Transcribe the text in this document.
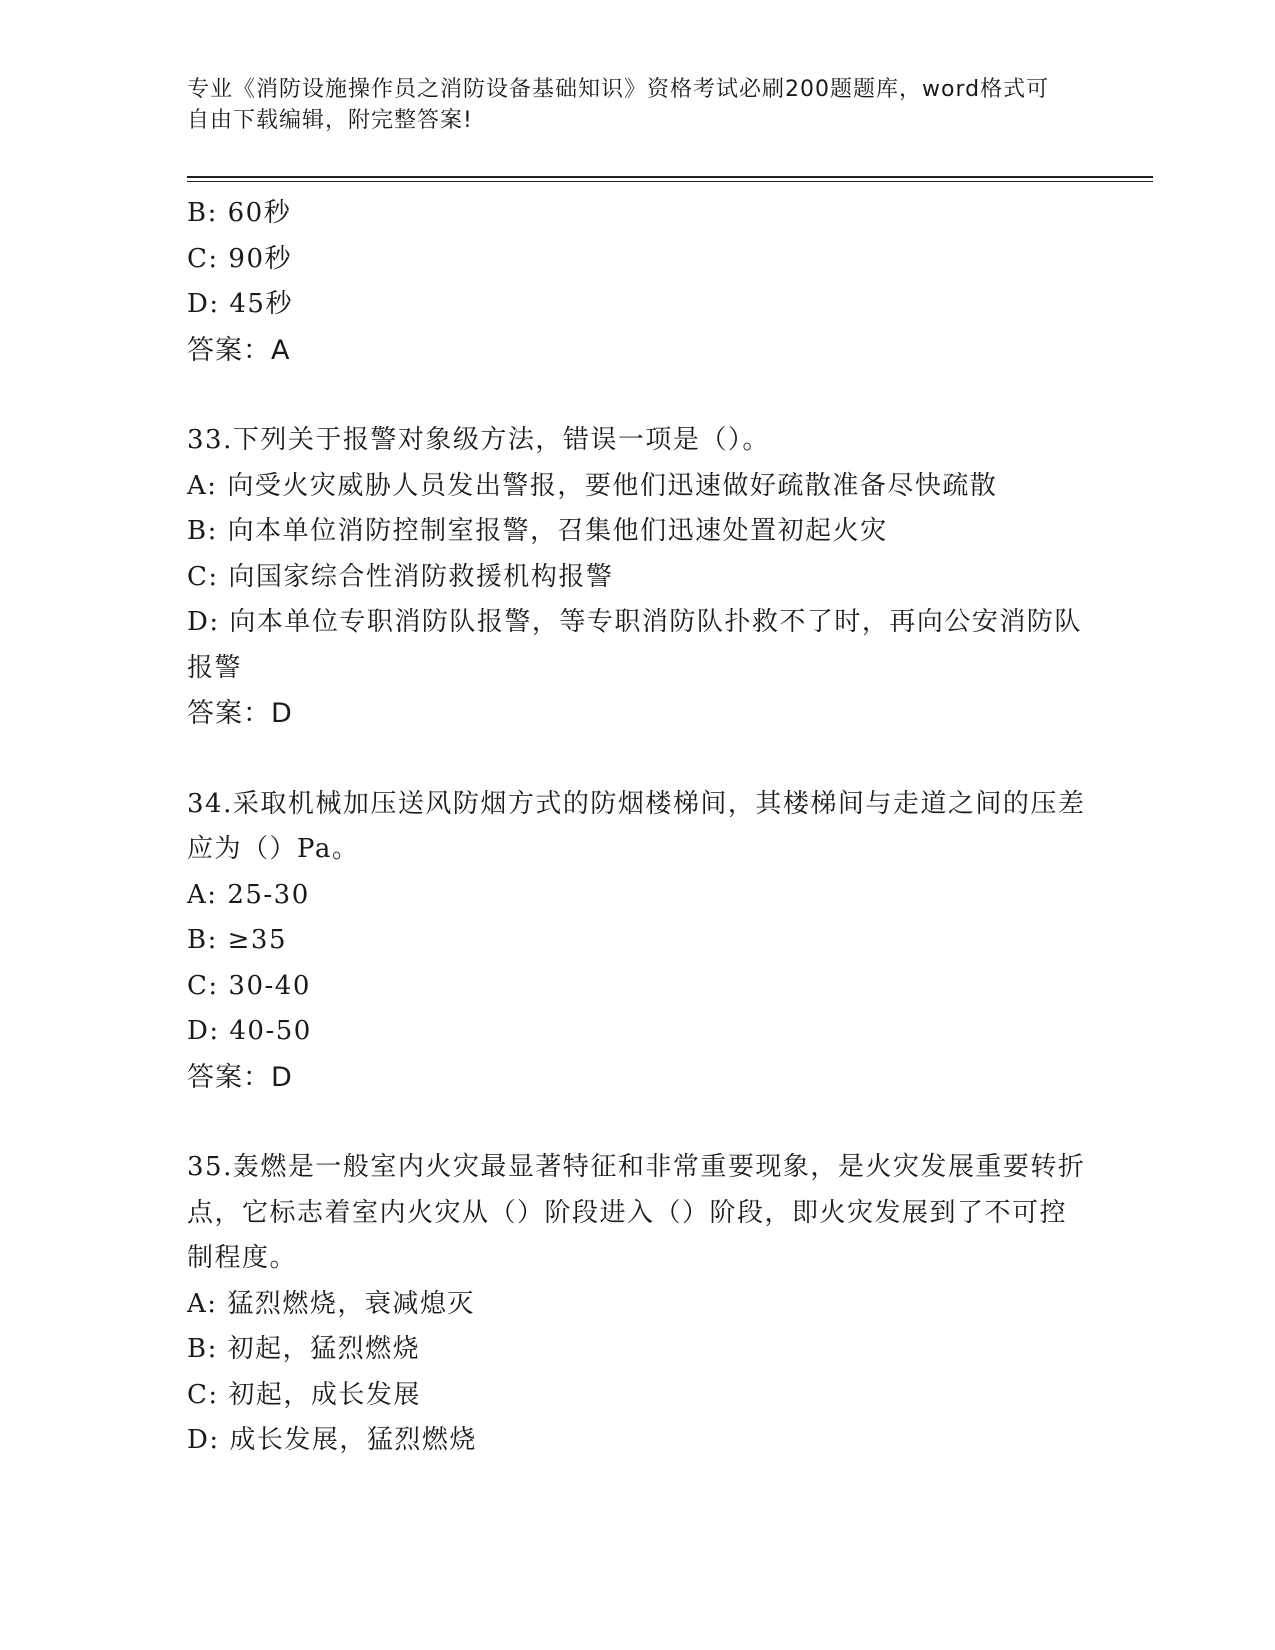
专业《消防设施操作员之消防设备基础知识》资格考试必刷200题题库，word格式可自由下载编辑，附完整答案!
B: 60秒
C: 90秒
D: 45秒
答案：A
33.下列关于报警对象级方法，错误一项是（）。
A: 向受火灾威胁人员发出警报，要他们迅速做好疏散准备尽快疏散
B: 向本单位消防控制室报警，召集他们迅速处置初起火灾
C: 向国家综合性消防救援机构报警
D: 向本单位专职消防队报警，等专职消防队扑救不了时，再向公安消防队报警
答案：D
34.采取机械加压送风防烟方式的防烟楼梯间，其楼梯间与走道之间的压差应为（）Pa。
A: 25-30
B: ≥35
C: 30-40
D: 40-50
答案：D
35.轰燃是一般室内火灾最显著特征和非常重要现象，是火灾发展重要转折点，它标志着室内火灾从（）阶段进入（）阶段，即火灾发展到了不可控制程度。
A: 猛烈燃烧，衰减熄灭
B: 初起，猛烈燃烧
C: 初起，成长发展
D: 成长发展，猛烈燃烧
